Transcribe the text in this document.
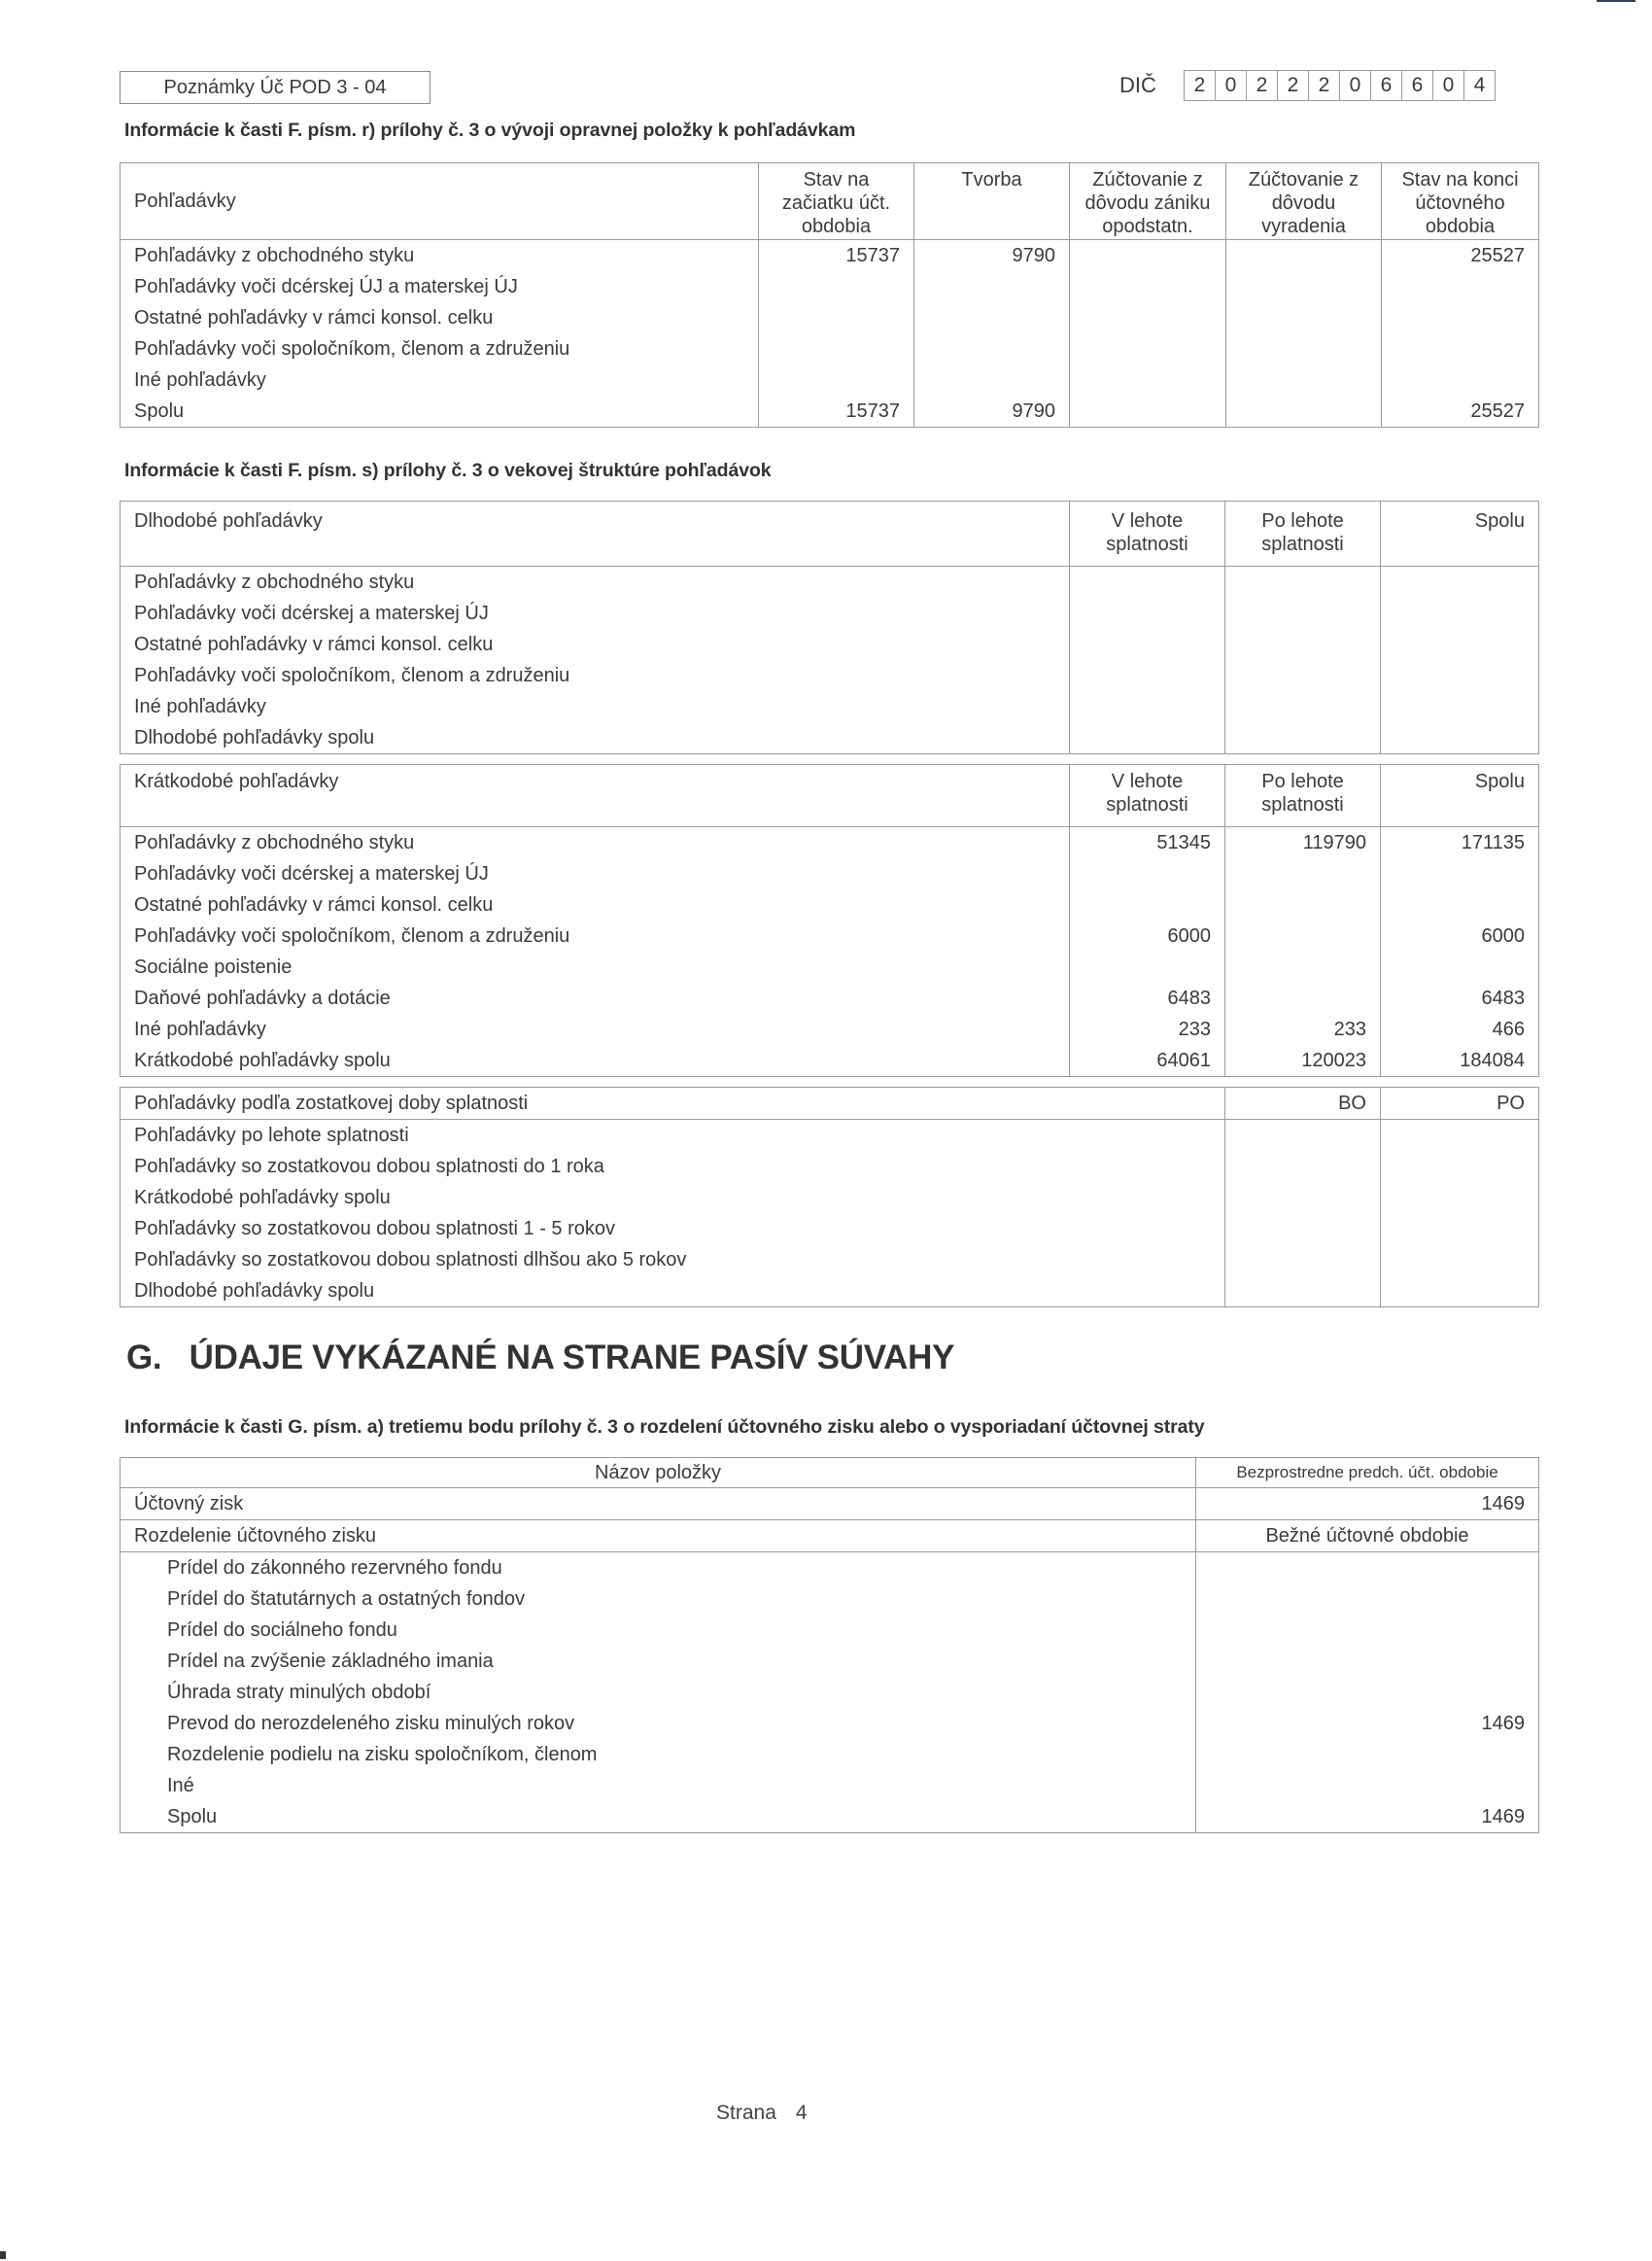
Poznámky Úč POD 3 - 04	DIČ	2 0 2 2 2 0 6 6 0 4
Informácie k časti F. písm. r) prílohy č. 3 o vývoji opravnej položky k pohľadávkam
Pohľadávky	Stav na začiatku účt. obdobia	Tvorba	Zúčtovanie z dôvodu zániku opodstatn.	Zúčtovanie z dôvodu vyradenia	Stav na konci účtovného obdobia
Pohľadávky z obchodného styku	15737	9790			25527
Pohľadávky voči dcérskej ÚJ a materskej ÚJ					
Ostatné pohľadávky v rámci konsol. celku					
Pohľadávky voči spoločníkom, členom a združeniu					
Iné pohľadávky					
Spolu	15737	9790			25527
Informácie k časti F. písm. s) prílohy č. 3 o vekovej štruktúre pohľadávok
Dlhodobé pohľadávky	V lehote splatnosti	Po lehote splatnosti	Spolu
Pohľadávky z obchodného styku			
Pohľadávky voči dcérskej a materskej ÚJ			
Ostatné pohľadávky v rámci konsol. celku			
Pohľadávky voči spoločníkom, členom a združeniu			
Iné pohľadávky			
Dlhodobé pohľadávky spolu			
Krátkodobé pohľadávky	V lehote splatnosti	Po lehote splatnosti	Spolu
Pohľadávky z obchodného styku	51345	119790	171135
Pohľadávky voči dcérskej a materskej ÚJ			
Ostatné pohľadávky v rámci konsol. celku			
Pohľadávky voči spoločníkom, členom a združeniu	6000		6000
Sociálne poistenie			
Daňové pohľadávky a dotácie	6483		6483
Iné pohľadávky	233	233	466
Krátkodobé pohľadávky spolu	64061	120023	184084
Pohľadávky podľa zostatkovej doby splatnosti	BO	PO
Pohľadávky po lehote splatnosti		
Pohľadávky so zostatkovou dobou splatnosti do 1 roka		
Krátkodobé pohľadávky spolu		
Pohľadávky so zostatkovou dobou splatnosti 1 - 5 rokov		
Pohľadávky so zostatkovou dobou splatnosti dlhšou ako 5 rokov		
Dlhodobé pohľadávky spolu		
G.   ÚDAJE VYKÁZANÉ NA STRANE PASÍV SÚVAHY
Informácie k časti G. písm. a) tretiemu bodu prílohy č. 3 o rozdelení účtovného zisku alebo o vysporiadaní účtovnej straty
Názov položky	Bezprostredne predch. účt. obdobie
Účtovný zisk	1469
Rozdelenie účtovného zisku	Bežné účtovné obdobie
Prídel do zákonného rezervného fondu	
Prídel do štatutárnych a ostatných fondov	
Prídel do sociálneho fondu	
Prídel na zvýšenie základného imania	
Úhrada straty minulých období	
Prevod do nerozdeleného zisku minulých rokov	1469
Rozdelenie podielu na zisku spoločníkom, členom	
Iné	
Spolu	1469
Strana 4
